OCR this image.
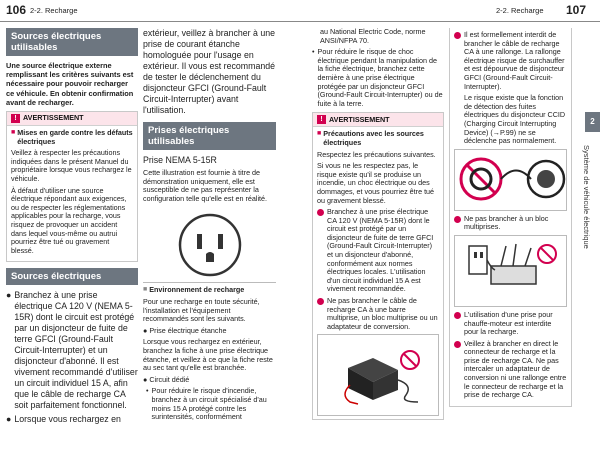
106 2-2. Recharge	2-2. Recharge 107
Sources électriques utilisables
Une source électrique externe remplissant les critères suivants est nécessaire pour pouvoir recharger ce véhicule. En obtenir confirmation avant de recharger.
! AVERTISSEMENT
■ Mises en garde contre les défauts électriques

Veillez à respecter les précautions indiquées dans le présent Manuel du propriétaire lorsque vous rechargez le véhicule.

À défaut d'utiliser une source électrique répondant aux exigences, ou de respecter les réglementations applicables pour la recharge, vous risquez de provoquer un accident dans lequel vous-même ou autrui pourriez être tué ou gravement blessé.

Sources électriques
● Branchez à une prise électrique CA 120 V (NEMA 5-15R) dont le circuit est protégé par un disjoncteur de fuite de terre GFCI (Ground-Fault Circuit-Interrupter) et un disjoncteur d'abonné. Il est vivement recommandé d'utiliser un circuit individuel 15 A, afin que le câble de recharge CA soit parfaitement fonctionnel.
● Lorsque vous rechargez en
extérieur, veillez à brancher à une prise de courant étanche homologuée pour l'usage en extérieur. Il vous est recommandé de tester le déclenchement du disjoncteur GFCI (Ground-Fault Circuit-Interrupter) avant l'utilisation.
Prises électriques utilisables
Prise NEMA 5-15R
Cette illustration est fournie à titre de démonstration uniquement, elle est susceptible de ne pas représenter la configuration telle qu'elle est en réalité.
■ Environnement de recharge

Pour une recharge en toute sécurité, l'installation et l'équipement recommandés sont les suivants.

● Prise électrique étanche

Lorsque vous rechargez en extérieur, branchez la fiche à une prise électrique étanche, et veillez à ce que la fiche reste au sec tant qu'elle est branchée.

● Circuit dédié
• Pour réduire le risque d'incendie, branchez à un circuit spécialisé d'au moins 15 A protégé contre les surintensités, conformément
au National Electric Code, norme ANSI/NFPA 70.
• Pour réduire le risque de choc électrique pendant la manipulation de la fiche électrique, branchez cette dernière à une prise électrique protégée par un disjoncteur GFCI (Ground-Fault Circuit-Interrupter) ou de fuite à la terre.
! AVERTISSEMENT
■ Précautions avec les sources électriques

Respectez les précautions suivantes.

Si vous ne les respectez pas, le risque existe qu'il se produise un incendie, un choc électrique ou des dommages, et vous pourriez être tué ou gravement blessé.

Branchez à une prise électrique CA 120 V (NEMA 5-15R) dont le circuit est protégé par un disjoncteur de fuite de terre GFCI (Ground-Fault Circuit-Interrupter) et un disjoncteur d'abonné, conformément aux normes électriques locales. L'utilisation d'un circuit individuel 15 A est vivement recommandée.
Ne pas brancher le câble de recharge CA à une barre multiprise, un bloc multiprise ou un adaptateur de conversion.
Il est formellement interdit de brancher le câble de recharge CA à une rallonge. La rallonge électrique risque de surchauffer et est dépourvue de disjoncteur GFCI (Ground-Fault Circuit-Interrupter).

Le risque existe que la fonction de détection des fuites électriques du disjoncteur CCID (Charging Circuit Interrupting Device) (→P.99) ne se déclenche pas normalement.

Ne pas brancher à un bloc multiprises.
L'utilisation d'une prise pour chauffe-moteur est interdite pour la recharge.
Veillez à brancher en direct le connecteur de recharge et la prise de recharge CA. Ne pas intercaler un adaptateur de conversion ni une rallonge entre le connecteur de recharge et la prise de recharge CA.
2
Système de véhicule électrique
